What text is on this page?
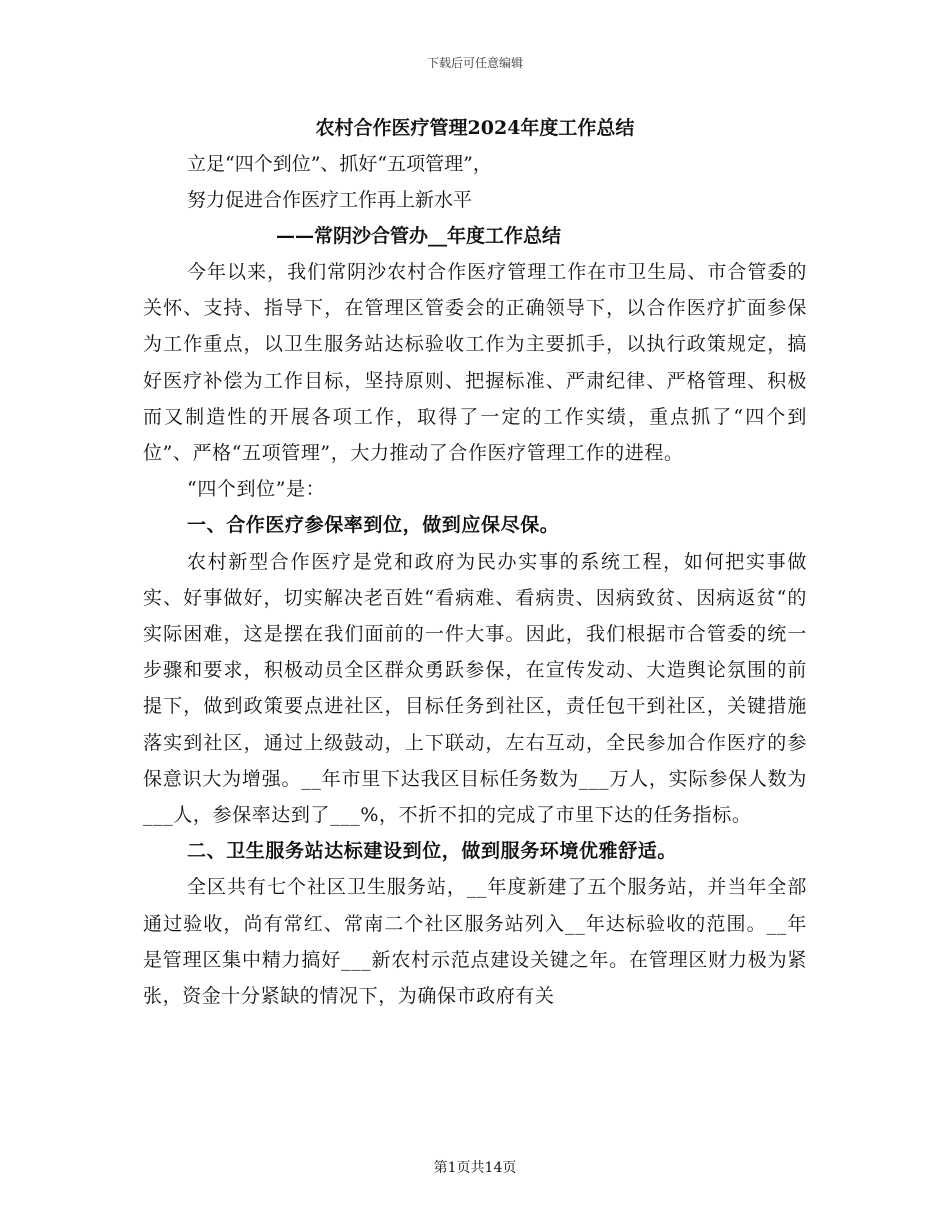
下载后可任意编辑
农村合作医疗管理2024年度工作总结
立足“四个到位”、抓好“五项管理”，
努力促进合作医疗工作再上新水平
——常阴沙合管办__年度工作总结

今年以来，我们常阴沙农村合作医疗管理工作在市卫生局、市合管委的关怀、支持、指导下，在管理区管委会的正确领导下，以合作医疗扩面参保为工作重点，以卫生服务站达标验收工作为主要抓手，以执行政策规定，搞好医疗补偿为工作目标，坚持原则、把握标准、严肃纪律、严格管理、积极而又制造性的开展各项工作，取得了一定的工作实绩，重点抓了“四个到位”、严格“五项管理”，大力推动了合作医疗管理工作的进程。

“四个到位”是：

一、合作医疗参保率到位，做到应保尽保。

农村新型合作医疗是党和政府为民办实事的系统工程，如何把实事做实、好事做好，切实解决老百姓“看病难、看病贵、因病致贫、因病返贫“的实际困难，这是摆在我们面前的一件大事。因此，我们根据市合管委的统一步骤和要求，积极动员全区群众勇跃参保，在宣传发动、大造舆论氛围的前提下，做到政策要点进社区，目标任务到社区，责任包干到社区，关键措施落实到社区，通过上级鼓动，上下联动，左右互动，全民参加合作医疗的参保意识大为增强。__年市里下达我区目标任务数为___万人，实际参保人数为___人，参保率达到了___%，不折不扣的完成了市里下达的任务指标。

二、卫生服务站达标建设到位，做到服务环境优雅舒适。

全区共有七个社区卫生服务站，__年度新建了五个服务站，并当年全部通过验收，尚有常红、常南二个社区服务站列入__年达标验收的范围。__年是管理区集中精力搞好___新农村示范点建设关键之年。在管理区财力极为紧张，资金十分紧缺的情况下，为确保市政府有关

第1页共14页
